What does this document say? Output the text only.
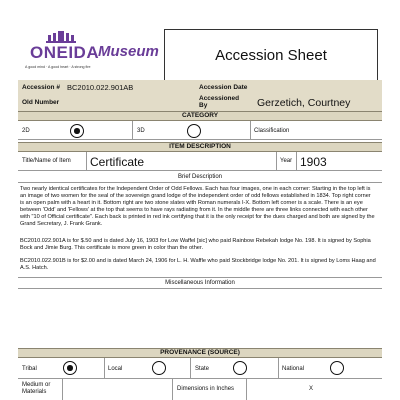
ONEIDA
A good mind · A good heart · A strong fire
Museum	Accession Sheet
Accession # BC2010.022.901AB	Accession Date
Old Number
Accessioned By	Gerzetich, Courtney
CATEGORY
2D	3D	Classification
ITEM DESCRIPTION
Title/Name of Item Certificate	Year 1903
Brief Description
Two nearly identical certificates for the Independent Order of Odd Fellows. Each has four images, one in each corner: Starting in the top left is an image of two women for the seal of the sovereign grand lodge of the independent order of odd fellows established in 1834. Top right corner is an open palm with a heart in it. Bottom right are two stone slates with Roman numerals I-X. Bottom left corner is a scale. There is an eye between 'Odd' and 'Fellows' at the top that seems to have rays radiating from it. In the middle there are three links connected with each other with "10 of Official certificate". Each back is printed in red ink certifying that it is the only receipt for the dues charged and both are signed by the Grand Secretary, J. Frank Grank.
BC2010.022.901A is for $.50 and is dated July 16, 1903 for Low Waffel [sic] who paid Rainbow Rebekah lodge No. 198. It is signed by Sophia Bock and Jimie Burg. This certificate is more green in color than the other.
BC2010.022.901B is for $2.00 and is dated March 24, 1906 for L. H. Waffle who paid Stockbridge lodge No. 201. It is signed by Loms Haag and A.S. Hatch.
Miscellaneous Information
PROVENANCE (SOURCE)
Tribal	Local	State	National
Medium or Materials	Dimensions in Inches	X
